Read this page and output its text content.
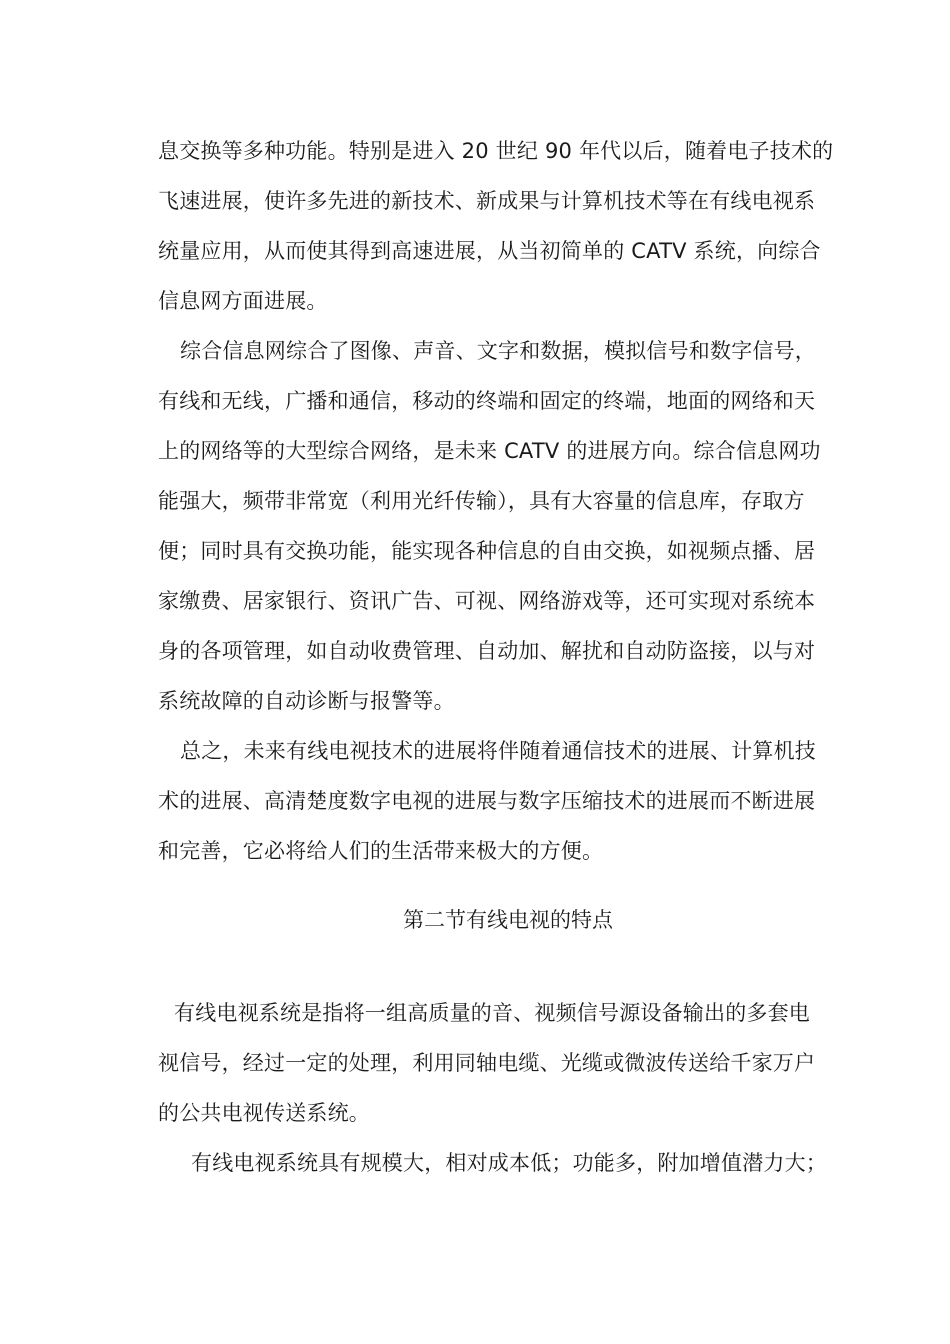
息交换等多种功能。特别是进入 20 世纪 90 年代以后，随着电子技术的
飞速进展，使许多先进的新技术、新成果与计算机技术等在有线电视系
统量应用，从而使其得到高速进展，从当初简单的 CATV 系统，向综合
信息网方面进展。
综合信息网综合了图像、声音、文字和数据，模拟信号和数字信号，
有线和无线，广播和通信，移动的终端和固定的终端，地面的网络和天
上的网络等的大型综合网络，是未来 CATV 的进展方向。综合信息网功
能强大，频带非常宽（利用光纤传输），具有大容量的信息库，存取方
便；同时具有交换功能，能实现各种信息的自由交换，如视频点播、居
家缴费、居家银行、资讯广告、可视、网络游戏等，还可实现对系统本
身的各项管理，如自动收费管理、自动加、解扰和自动防盗接，以与对
系统故障的自动诊断与报警等。
总之，未来有线电视技术的进展将伴随着通信技术的进展、计算机技
术的进展、高清楚度数字电视的进展与数字压缩技术的进展而不断进展
和完善，它必将给人们的生活带来极大的方便。
第二节有线电视的特点
有线电视系统是指将一组高质量的音、视频信号源设备输出的多套电
视信号，经过一定的处理，利用同轴电缆、光缆或微波传送给千家万户
的公共电视传送系统。
有线电视系统具有规模大，相对成本低；功能多，附加增值潜力大；
